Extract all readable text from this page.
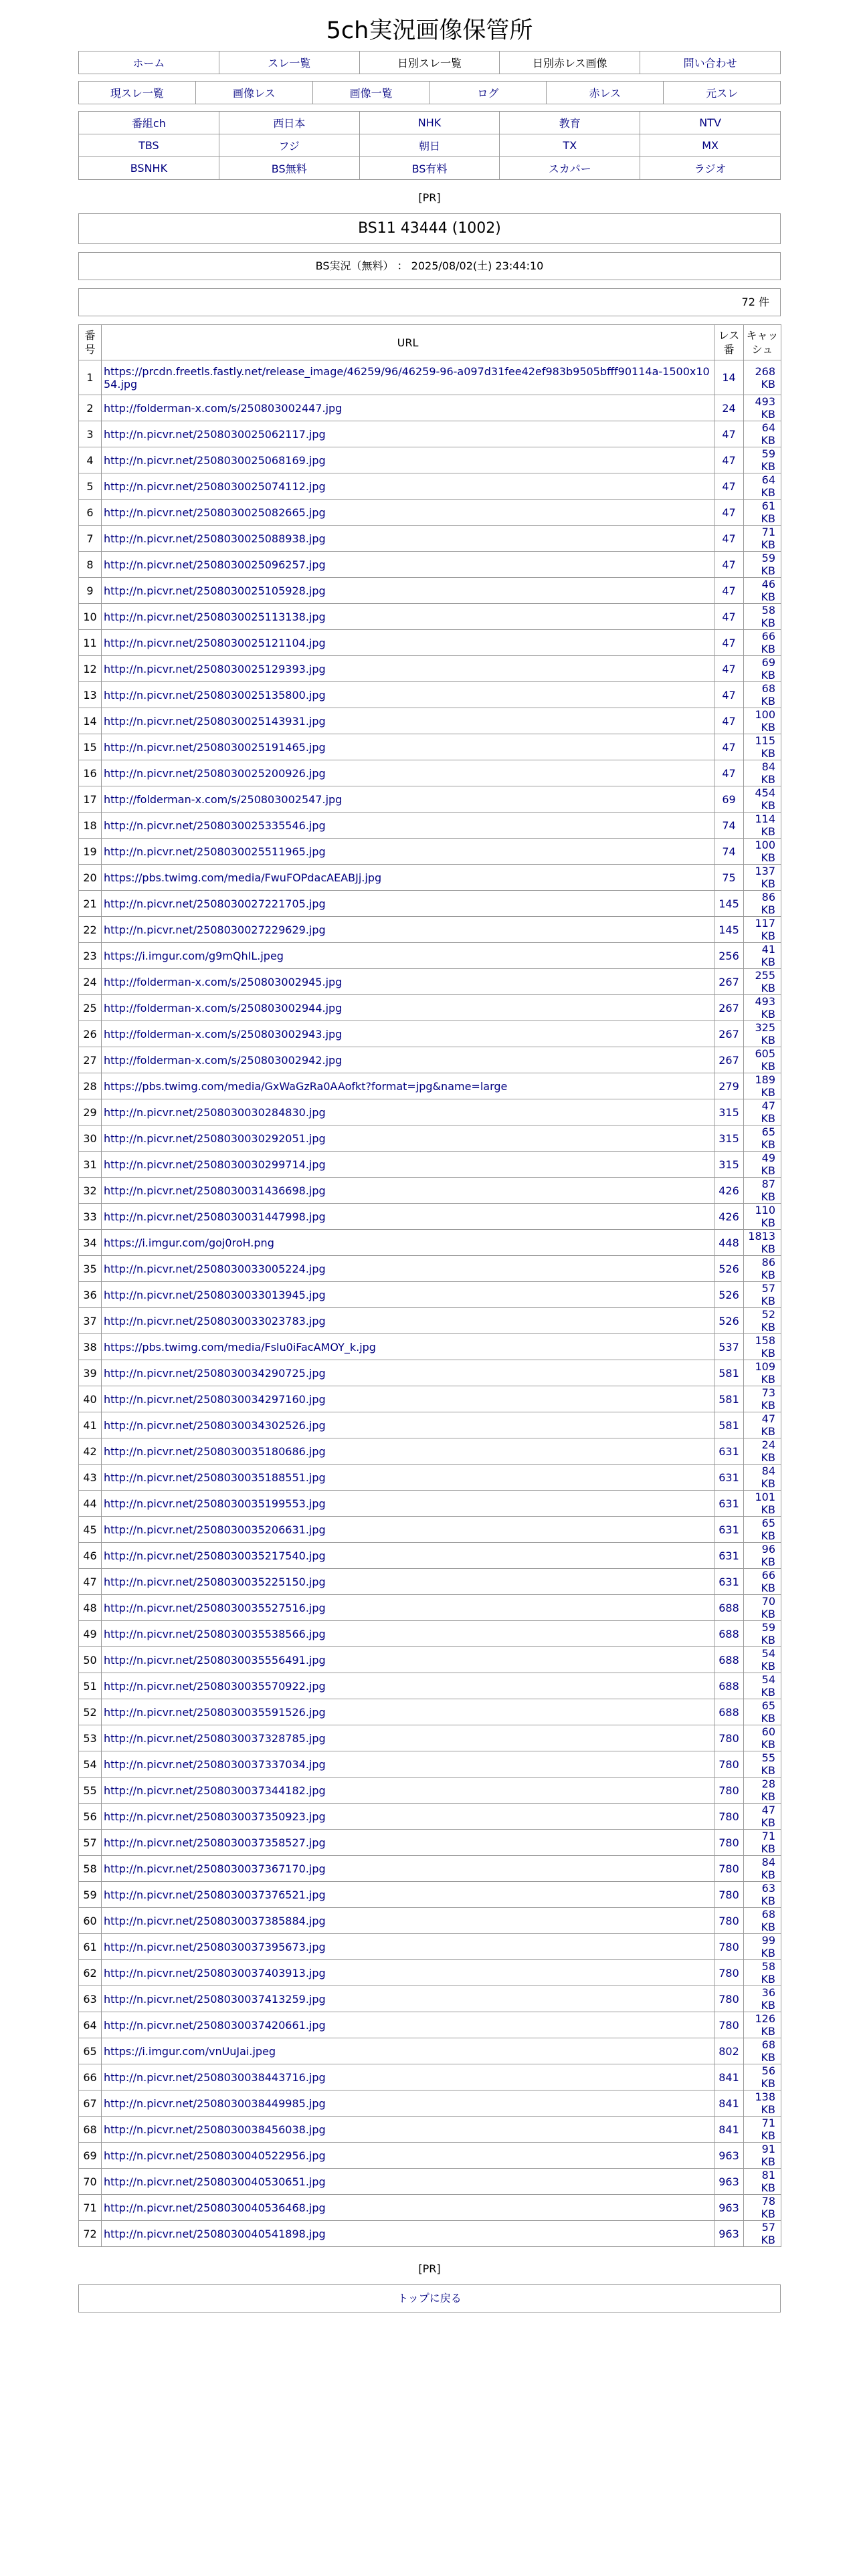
5ch実況画像保管所
ホーム	スレ一覧	日別スレ一覧	日別赤レス画像	問い合わせ
現スレ一覧	画像レス	画像一覧	ログ	赤レス	元スレ
番組ch	西日本	NHK	教育	NTV
TBS	フジ	朝日	TX	MX
BSNHK	BS無料	BS有料	スカパー	ラジオ
[PR]
BS11 43444 (1002)
BS実況（無料） ： 2025/08/02(土) 23:44:10
72 件
番号	URL	レス番	キャッシュ
1	https://prcdn.freetls.fastly.net/release_image/46259/96/46259-96-a097d31fee42ef983b9505bfff90114a-1500x1054.jpg	14	268 KB
2	http://folderman-x.com/s/250803002447.jpg	24	493 KB
3	http://n.picvr.net/2508030025062117.jpg	47	64 KB
4	http://n.picvr.net/2508030025068169.jpg	47	59 KB
5	http://n.picvr.net/2508030025074112.jpg	47	64 KB
6	http://n.picvr.net/2508030025082665.jpg	47	61 KB
7	http://n.picvr.net/2508030025088938.jpg	47	71 KB
8	http://n.picvr.net/2508030025096257.jpg	47	59 KB
9	http://n.picvr.net/2508030025105928.jpg	47	46 KB
10	http://n.picvr.net/2508030025113138.jpg	47	58 KB
11	http://n.picvr.net/2508030025121104.jpg	47	66 KB
12	http://n.picvr.net/2508030025129393.jpg	47	69 KB
13	http://n.picvr.net/2508030025135800.jpg	47	68 KB
14	http://n.picvr.net/2508030025143931.jpg	47	100 KB
15	http://n.picvr.net/2508030025191465.jpg	47	115 KB
16	http://n.picvr.net/2508030025200926.jpg	47	84 KB
17	http://folderman-x.com/s/250803002547.jpg	69	454 KB
18	http://n.picvr.net/2508030025335546.jpg	74	114 KB
19	http://n.picvr.net/2508030025511965.jpg	74	100 KB
20	https://pbs.twimg.com/media/FwuFOPdacAEABJj.jpg	75	137 KB
21	http://n.picvr.net/2508030027221705.jpg	145	86 KB
22	http://n.picvr.net/2508030027229629.jpg	145	117 KB
23	https://i.imgur.com/g9mQhIL.jpeg	256	41 KB
24	http://folderman-x.com/s/250803002945.jpg	267	255 KB
25	http://folderman-x.com/s/250803002944.jpg	267	493 KB
26	http://folderman-x.com/s/250803002943.jpg	267	325 KB
27	http://folderman-x.com/s/250803002942.jpg	267	605 KB
28	https://pbs.twimg.com/media/GxWaGzRa0AAofkt?format=jpg&name=large	279	189 KB
29	http://n.picvr.net/2508030030284830.jpg	315	47 KB
30	http://n.picvr.net/2508030030292051.jpg	315	65 KB
31	http://n.picvr.net/2508030030299714.jpg	315	49 KB
32	http://n.picvr.net/2508030031436698.jpg	426	87 KB
33	http://n.picvr.net/2508030031447998.jpg	426	110 KB
34	https://i.imgur.com/goj0roH.png	448	1813 KB
35	http://n.picvr.net/2508030033005224.jpg	526	86 KB
36	http://n.picvr.net/2508030033013945.jpg	526	57 KB
37	http://n.picvr.net/2508030033023783.jpg	526	52 KB
38	https://pbs.twimg.com/media/Fslu0iFacAMOY_k.jpg	537	158 KB
39	http://n.picvr.net/2508030034290725.jpg	581	109 KB
40	http://n.picvr.net/2508030034297160.jpg	581	73 KB
41	http://n.picvr.net/2508030034302526.jpg	581	47 KB
42	http://n.picvr.net/2508030035180686.jpg	631	24 KB
43	http://n.picvr.net/2508030035188551.jpg	631	84 KB
44	http://n.picvr.net/2508030035199553.jpg	631	101 KB
45	http://n.picvr.net/2508030035206631.jpg	631	65 KB
46	http://n.picvr.net/2508030035217540.jpg	631	96 KB
47	http://n.picvr.net/2508030035225150.jpg	631	66 KB
48	http://n.picvr.net/2508030035527516.jpg	688	70 KB
49	http://n.picvr.net/2508030035538566.jpg	688	59 KB
50	http://n.picvr.net/2508030035556491.jpg	688	54 KB
51	http://n.picvr.net/2508030035570922.jpg	688	54 KB
52	http://n.picvr.net/2508030035591526.jpg	688	65 KB
53	http://n.picvr.net/2508030037328785.jpg	780	60 KB
54	http://n.picvr.net/2508030037337034.jpg	780	55 KB
55	http://n.picvr.net/2508030037344182.jpg	780	28 KB
56	http://n.picvr.net/2508030037350923.jpg	780	47 KB
57	http://n.picvr.net/2508030037358527.jpg	780	71 KB
58	http://n.picvr.net/2508030037367170.jpg	780	84 KB
59	http://n.picvr.net/2508030037376521.jpg	780	63 KB
60	http://n.picvr.net/2508030037385884.jpg	780	68 KB
61	http://n.picvr.net/2508030037395673.jpg	780	99 KB
62	http://n.picvr.net/2508030037403913.jpg	780	58 KB
63	http://n.picvr.net/2508030037413259.jpg	780	36 KB
64	http://n.picvr.net/2508030037420661.jpg	780	126 KB
65	https://i.imgur.com/vnUuJai.jpeg	802	68 KB
66	http://n.picvr.net/2508030038443716.jpg	841	56 KB
67	http://n.picvr.net/2508030038449985.jpg	841	138 KB
68	http://n.picvr.net/2508030038456038.jpg	841	71 KB
69	http://n.picvr.net/2508030040522956.jpg	963	91 KB
70	http://n.picvr.net/2508030040530651.jpg	963	81 KB
71	http://n.picvr.net/2508030040536468.jpg	963	78 KB
72	http://n.picvr.net/2508030040541898.jpg	963	57 KB
[PR]
トップに戻る
